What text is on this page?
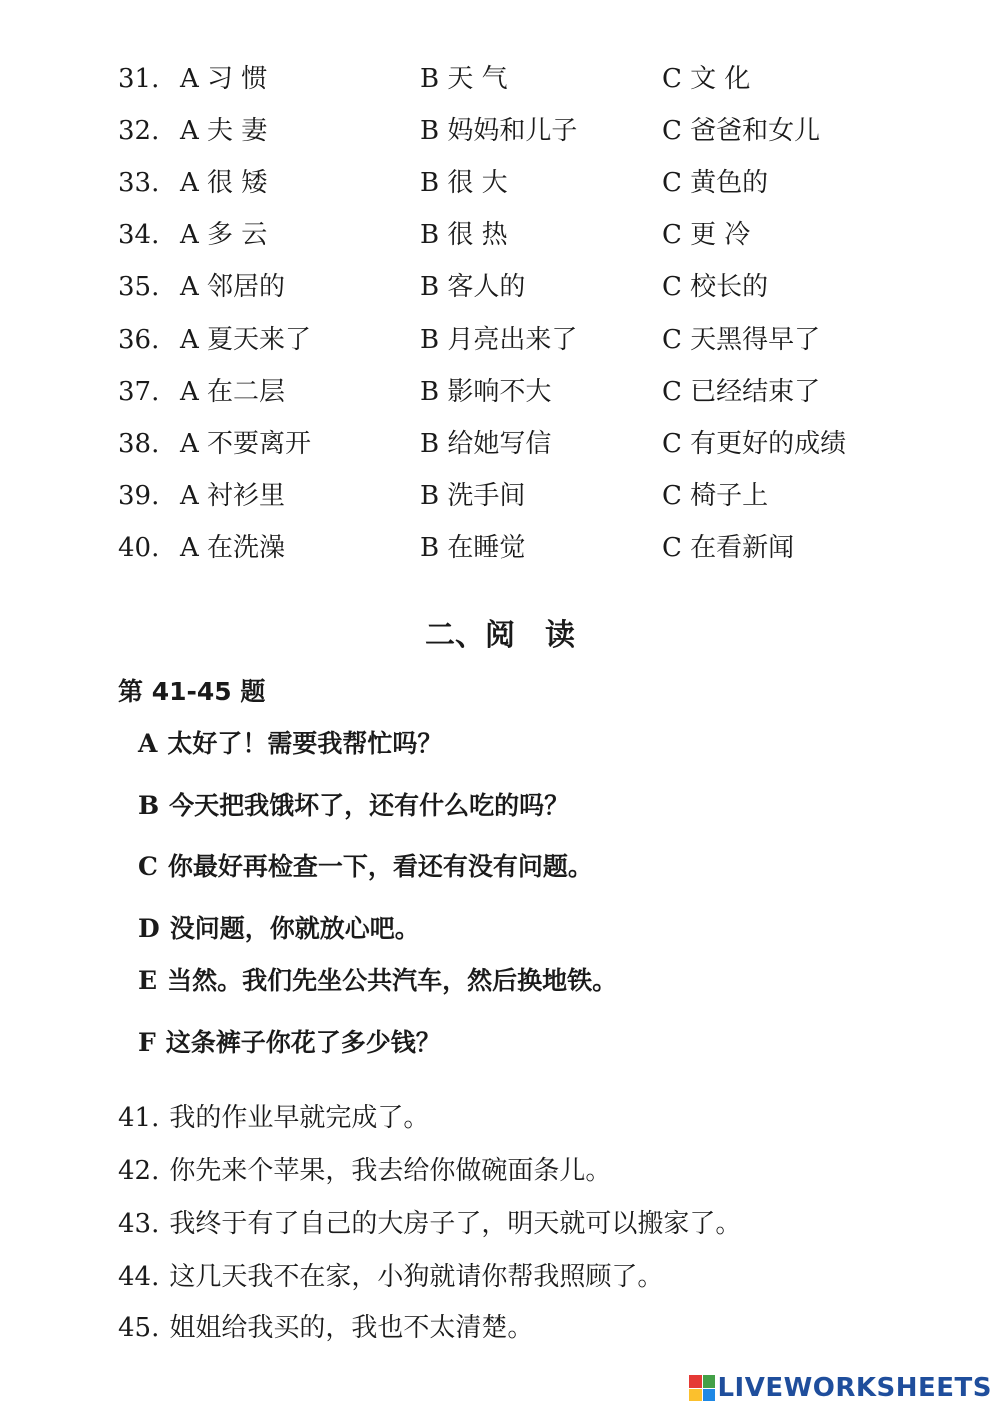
31. A 习 惯	B 天 气	C 文 化
32. A 夫 妻	B 妈妈和儿子	C 爸爸和女儿
33. A 很 矮	B 很 大	C 黄色的
34. A 多 云	B 很 热	C 更 冷
35. A 邻居的	B 客人的	C 校长的
36. A 夏天来了	B 月亮出来了	C 天黑得早了
37. A 在二层	B 影响不大	C 已经结束了
38. A 不要离开	B 给她写信	C 有更好的成绩
39. A 衬衫里	B 洗手间	C 椅子上
40. A 在洗澡	B 在睡觉	C 在看新闻
二、阅　读
第 41-45 题
A 太好了！需要我帮忙吗？
B 今天把我饿坏了，还有什么吃的吗？
C 你最好再检查一下，看还有没有问题。
D 没问题，你就放心吧。
E 当然。我们先坐公共汽车，然后换地铁。
F 这条裤子你花了多少钱？
41. 我的作业早就完成了。
42. 你先来个苹果，我去给你做碗面条儿。
43. 我终于有了自己的大房子了，明天就可以搬家了。
44. 这几天我不在家，小狗就请你帮我照顾了。
45. 姐姐给我买的，我也不太清楚。
LIVEWORKSHEETS
